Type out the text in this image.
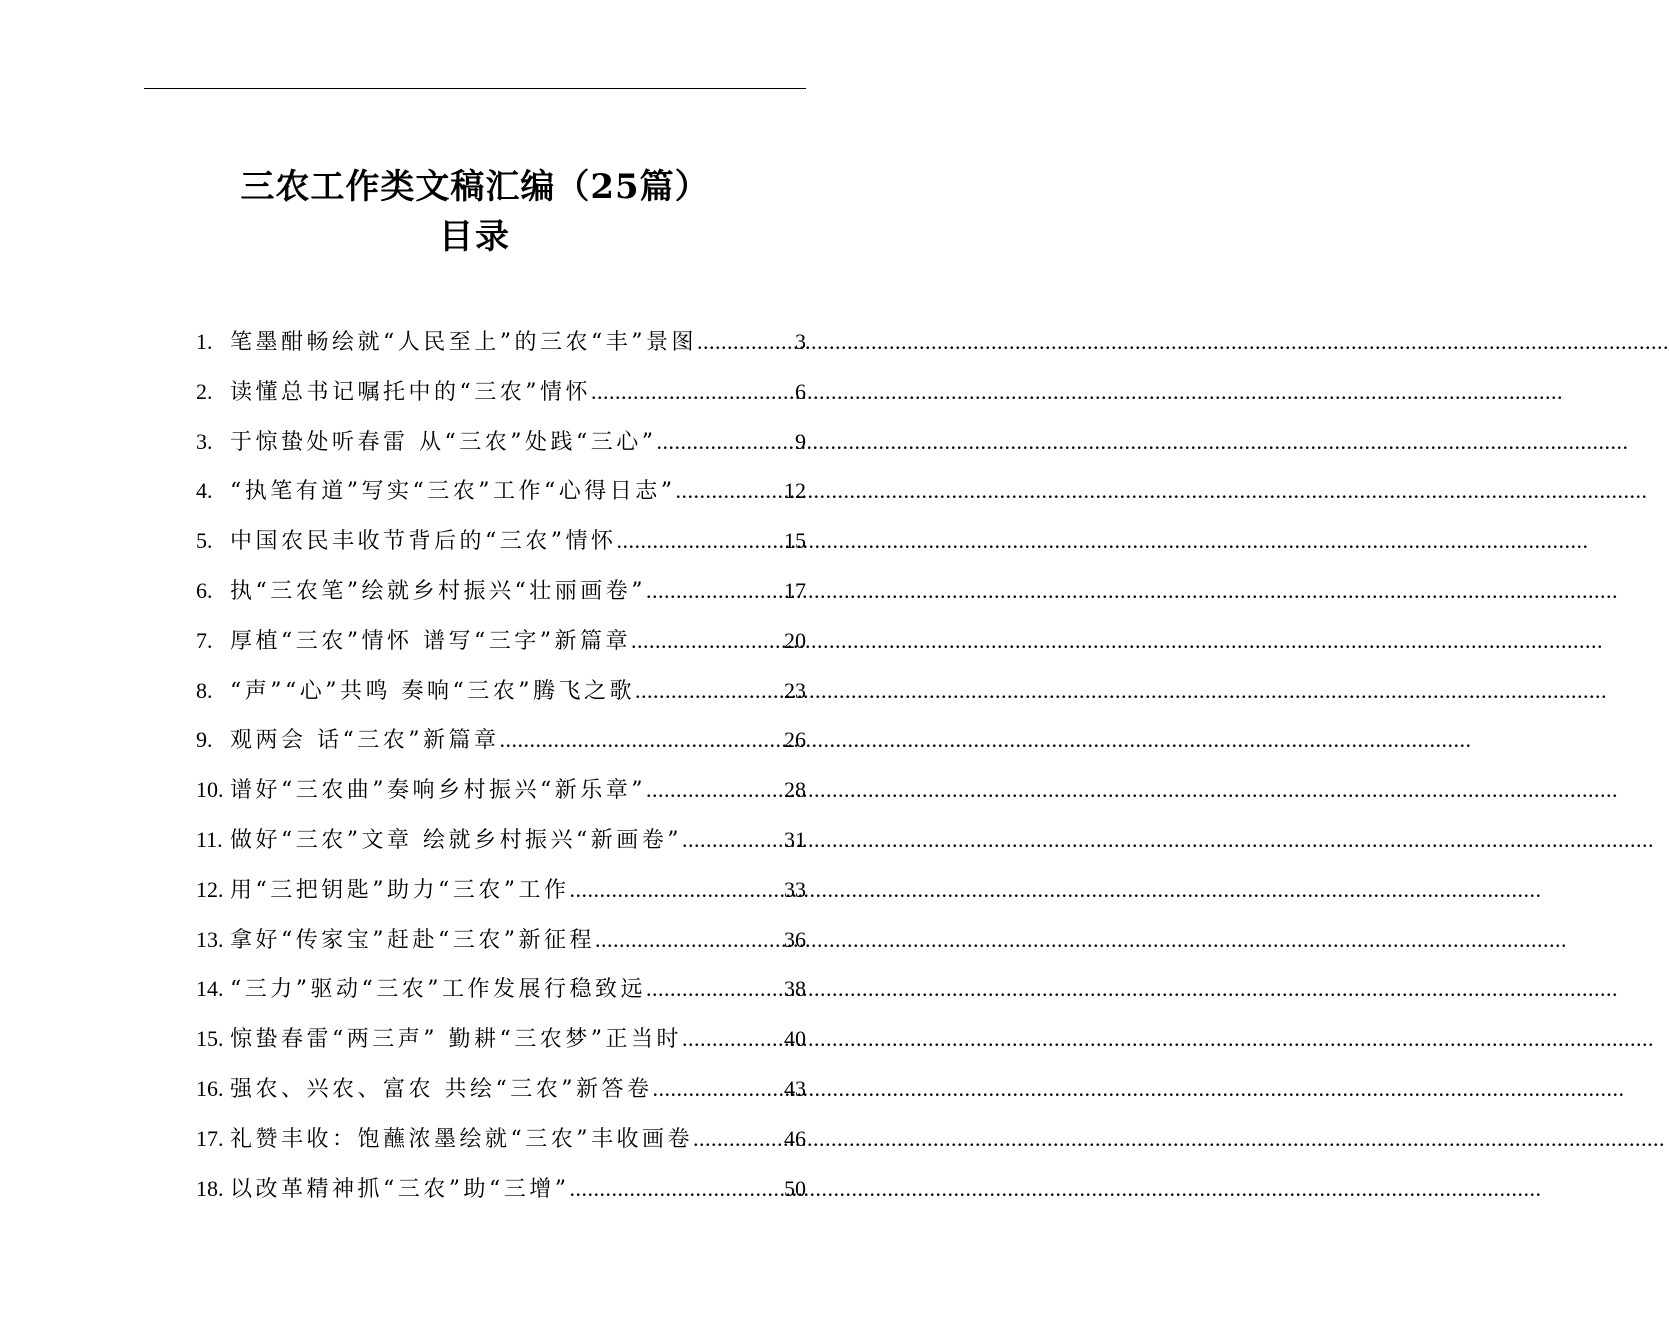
三农工作类文稿汇编（25篇）
目录
1. 笔墨酣畅绘就“人民至上”的三农“丰”景图 .....	3
2. 读懂总书记嘱托中的“三农”情怀 .....	6
3. 于惊蛰处听春雷 从“三农”处践“三心” .....	9
4. “执笔有道”写实“三农”工作“心得日志” .....	12
5. 中国农民丰收节背后的“三农”情怀 .....	15
6. 执“三农笔”绘就乡村振兴“壮丽画卷” .....	17
7. 厚植“三农”情怀 谱写“三字”新篇章 .....	20
8. “声”“心”共鸣 奏响“三农”腾飞之歌 .....	23
9. 观两会 话“三农”新篇章 .....	26
10. 谱好“三农曲”奏响乡村振兴“新乐章” .....	28
11. 做好“三农”文章 绘就乡村振兴“新画卷” .....	31
12. 用“三把钥匙”助力“三农”工作 .....	33
13. 拿好“传家宝”赶赴“三农”新征程 .....	36
14. “三力”驱动“三农”工作发展行稳致远 .....	38
15. 惊蛰春雷“两三声” 勤耕“三农梦”正当时 .....	40
16. 强农、兴农、富农 共绘“三农”新答卷 .....	43
17. 礼赞丰收：饱蘸浓墨绘就“三农”丰收画卷 .....	46
18. 以改革精神抓“三农”助“三增” .....	50
